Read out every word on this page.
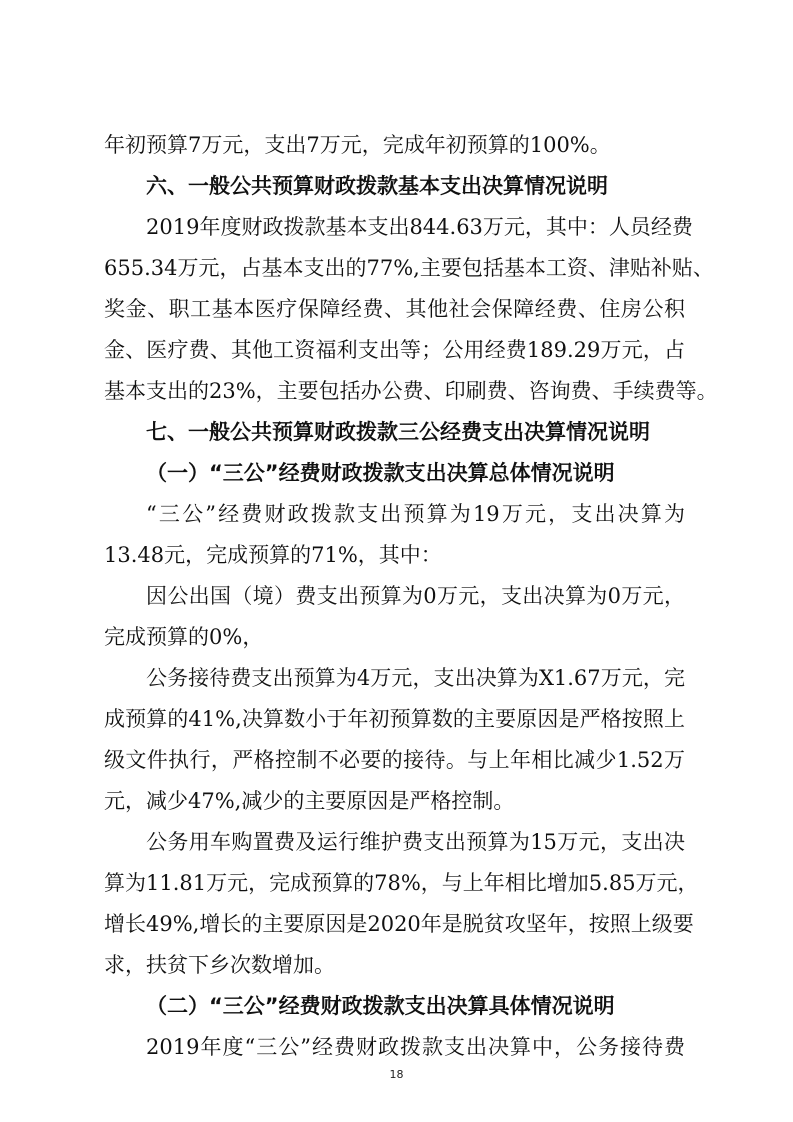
年初预算7万元，支出7万元，完成年初预算的100%。
六、一般公共预算财政拨款基本支出决算情况说明
2019年度财政拨款基本支出844.63万元，其中：人员经费
655.34万元，占基本支出的77%,主要包括基本工资、津贴补贴、
奖金、职工基本医疗保障经费、其他社会保障经费、住房公积
金、医疗费、其他工资福利支出等；公用经费189.29万元，占
基本支出的23%，主要包括办公费、印刷费、咨询费、手续费等。
七、一般公共预算财政拨款三公经费支出决算情况说明
（一）“三公”经费财政拨款支出决算总体情况说明
“三公”经费财政拨款支出预算为19万元，支出决算为
13.48元，完成预算的71%，其中：
因公出国（境）费支出预算为0万元，支出决算为0万元，
完成预算的0%，
公务接待费支出预算为4万元，支出决算为X1.67万元，完
成预算的41%,决算数小于年初预算数的主要原因是严格按照上
级文件执行，严格控制不必要的接待。与上年相比减少1.52万
元，减少47%,减少的主要原因是严格控制。
公务用车购置费及运行维护费支出预算为15万元，支出决
算为11.81万元，完成预算的78%，与上年相比增加5.85万元，
增长49%,增长的主要原因是2020年是脱贫攻坚年，按照上级要
求，扶贫下乡次数增加。
（二）“三公”经费财政拨款支出决算具体情况说明
2019年度“三公”经费财政拨款支出决算中，公务接待费
18
